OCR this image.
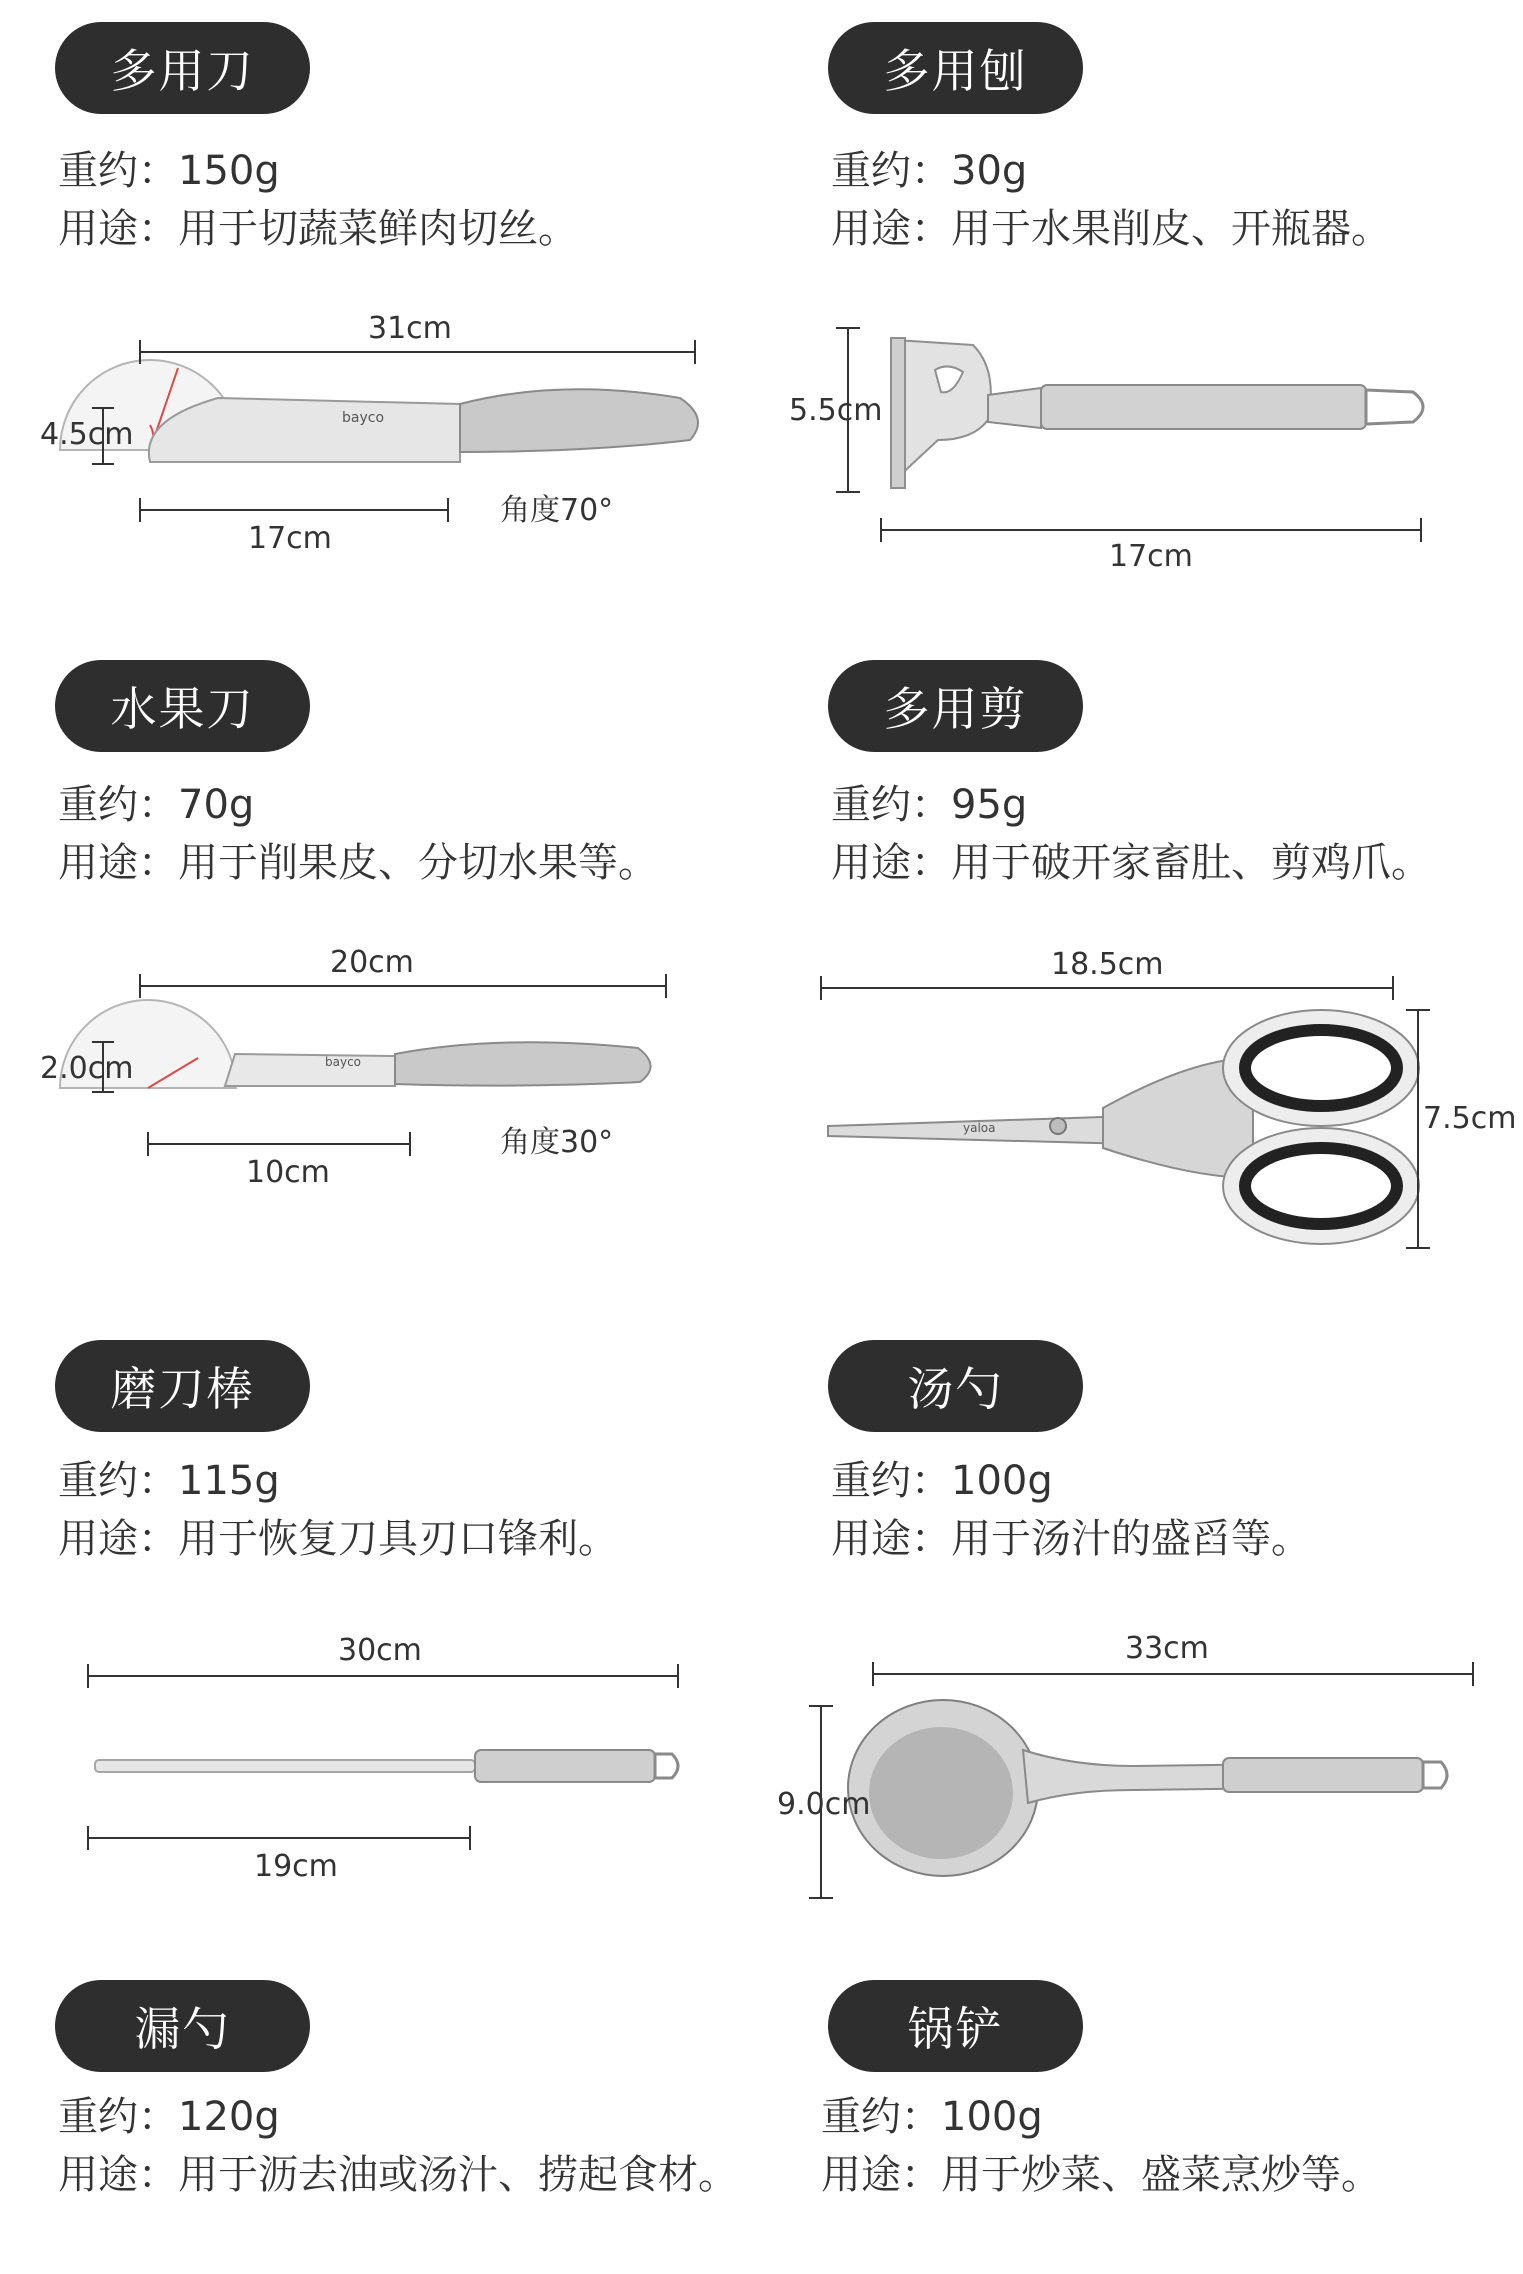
多用刀
重约：150g
用途：用于切蔬菜鲜肉切丝。
bayco
31cm
4.5cm
17cm
角度70°
多用刨
重约：30g
用途：用于水果削皮、开瓶器。
5.5cm
17cm
水果刀
重约：70g
用途：用于削果皮、分切水果等。
bayco
20cm
2.0cm
10cm
角度30°
多用剪
重约：95g
用途：用于破开家畜肚、剪鸡爪。
yaloa
18.5cm
7.5cm
磨刀棒
重约：115g
用途：用于恢复刀具刃口锋利。
30cm
19cm
汤勺
重约：100g
用途：用于汤汁的盛舀等。
33cm
9.0cm
漏勺
重约：120g
用途：用于沥去油或汤汁、捞起食材。
锅铲
重约：100g
用途：用于炒菜、盛菜烹炒等。
